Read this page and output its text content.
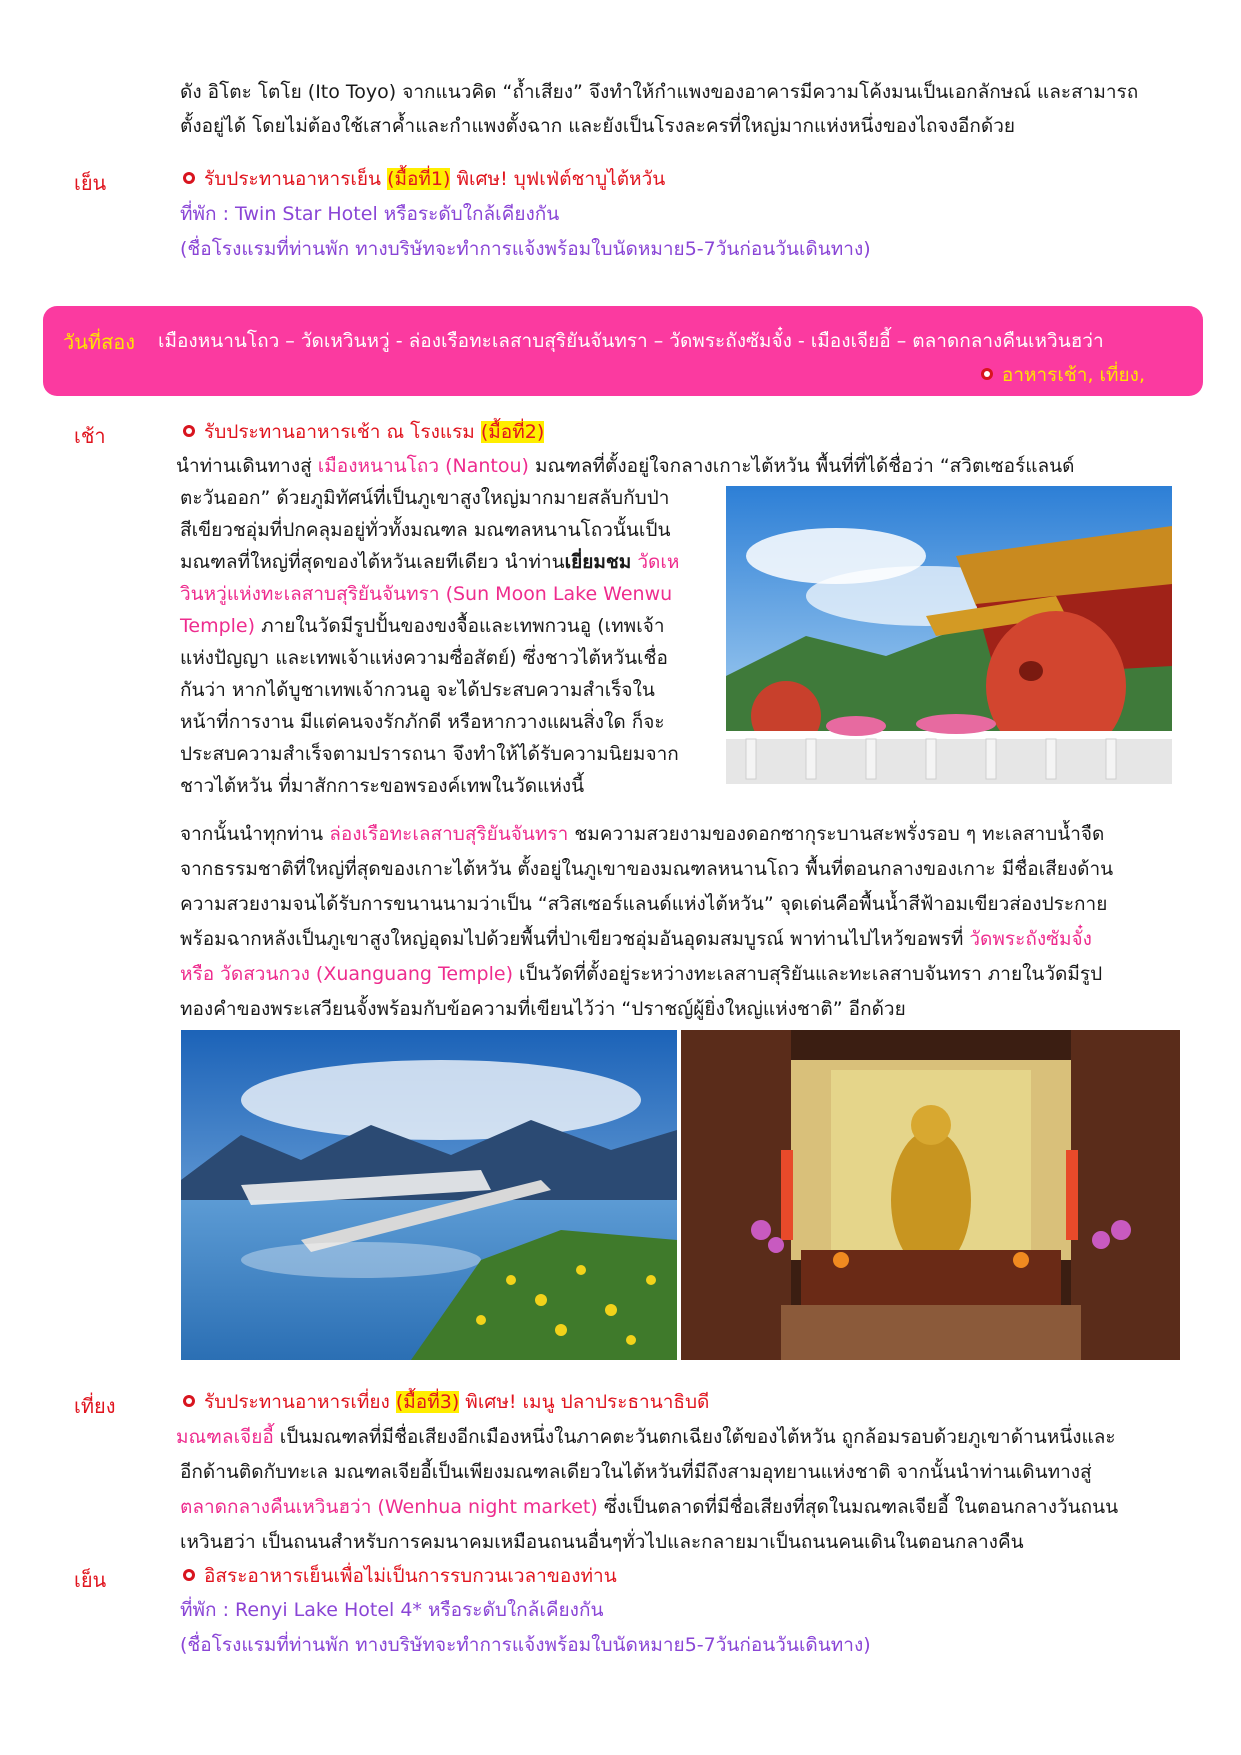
ดัง อิโตะ โตโย (Ito Toyo) จากแนวคิด “ถ้ำเสียง” จึงทำให้กำแพงของอาคารมีความโค้งมนเป็นเอกลักษณ์ และสามารถ
ตั้งอยู่ได้ โดยไม่ต้องใช้เสาค้ำและกำแพงตั้งฉาก และยังเป็นโรงละครที่ใหญ่มากแห่งหนึ่งของไถจงอีกด้วย
เย็น	รับประทานอาหารเย็น (มื้อที่1) พิเศษ! บุฟเฟ่ต์ชาบูไต้หวัน
ที่พัก : Twin Star Hotel หรือระดับใกล้เคียงกัน
(ชื่อโรงแรมที่ท่านพัก ทางบริษัทจะทำการแจ้งพร้อมใบนัดหมาย5-7วันก่อนวันเดินทาง)
วันที่สอง เมืองหนานโถว – วัดเหวินหวู่ - ล่องเรือทะเลสาบสุริยันจันทรา – วัดพระถังซัมจั๋ง - เมืองเจียอี้ – ตลาดกลางคืนเหวินฮว่า
อาหารเช้า, เที่ยง,
เช้า	รับประทานอาหารเช้า ณ โรงแรม (มื้อที่2)
นำท่านเดินทางสู่ เมืองหนานโถว (Nantou) มณฑลที่ตั้งอยู่ใจกลางเกาะไต้หวัน พื้นที่ที่ได้ชื่อว่า “สวิตเซอร์แลนด์
ตะวันออก” ด้วยภูมิทัศน์ที่เป็นภูเขาสูงใหญ่มากมายสลับกับป่า
สีเขียวชอุ่มที่ปกคลุมอยู่ทั่วทั้งมณฑล มณฑลหนานโถวนั้นเป็น
มณฑลที่ใหญ่ที่สุดของไต้หวันเลยทีเดียว นำท่านเยี่ยมชม วัดเห
วินหวู่แห่งทะเลสาบสุริยันจันทรา (Sun Moon Lake Wenwu
Temple) ภายในวัดมีรูปปั้นของขงจื้อและเทพกวนอู (เทพเจ้า
แห่งปัญญา และเทพเจ้าแห่งความซื่อสัตย์) ซึ่งชาวไต้หวันเชื่อ
กันว่า หากได้บูชาเทพเจ้ากวนอู จะได้ประสบความสำเร็จใน
หน้าที่การงาน มีแต่คนจงรักภักดี หรือหากวางแผนสิ่งใด ก็จะ
ประสบความสำเร็จตามปรารถนา จึงทำให้ได้รับความนิยมจาก
ชาวไต้หวัน ที่มาสักการะขอพรองค์เทพในวัดแห่งนี้
จากนั้นนำทุกท่าน ล่องเรือทะเลสาบสุริยันจันทรา ชมความสวยงามของดอกซากุระบานสะพรั่งรอบ ๆ ทะเลสาบน้ำจืด
จากธรรมชาติที่ใหญ่ที่สุดของเกาะไต้หวัน ตั้งอยู่ในภูเขาของมณฑลหนานโถว พื้นที่ตอนกลางของเกาะ มีชื่อเสียงด้าน
ความสวยงามจนได้รับการขนานนามว่าเป็น “สวิสเซอร์แลนด์แห่งไต้หวัน” จุดเด่นคือพื้นน้ำสีฟ้าอมเขียวส่องประกาย
พร้อมฉากหลังเป็นภูเขาสูงใหญ่อุดมไปด้วยพื้นที่ป่าเขียวชอุ่มอันอุดมสมบูรณ์ พาท่านไปไหว้ขอพรที่ วัดพระถังซัมจั๋ง
หรือ วัดสวนกวง (Xuanguang Temple) เป็นวัดที่ตั้งอยู่ระหว่างทะเลสาบสุริยันและทะเลสาบจันทรา ภายในวัดมีรูป
ทองคำของพระเสวียนจั้งพร้อมกับข้อความที่เขียนไว้ว่า “ปราชญ์ผู้ยิ่งใหญ่แห่งชาติ” อีกด้วย
เที่ยง	รับประทานอาหารเที่ยง (มื้อที่3) พิเศษ! เมนู ปลาประธานาธิบดี
มณฑลเจียอี้ เป็นมณฑลที่มีชื่อเสียงอีกเมืองหนึ่งในภาคตะวันตกเฉียงใต้ของไต้หวัน ถูกล้อมรอบด้วยภูเขาด้านหนึ่งและ
อีกด้านติดกับทะเล มณฑลเจียอี้เป็นเพียงมณฑลเดียวในไต้หวันที่มีถึงสามอุทยานแห่งชาติ จากนั้นนำท่านเดินทางสู่
ตลาดกลางคืนเหวินฮว่า (Wenhua night market) ซึ่งเป็นตลาดที่มีชื่อเสียงที่สุดในมณฑลเจียอี้ ในตอนกลางวันถนน
เหวินฮว่า เป็นถนนสำหรับการคมนาคมเหมือนถนนอื่นๆทั่วไปและกลายมาเป็นถนนคนเดินในตอนกลางคืน
เย็น	อิสระอาหารเย็นเพื่อไม่เป็นการรบกวนเวลาของท่าน
ที่พัก : Renyi Lake Hotel 4* หรือระดับใกล้เคียงกัน
(ชื่อโรงแรมที่ท่านพัก ทางบริษัทจะทำการแจ้งพร้อมใบนัดหมาย5-7วันก่อนวันเดินทาง)
